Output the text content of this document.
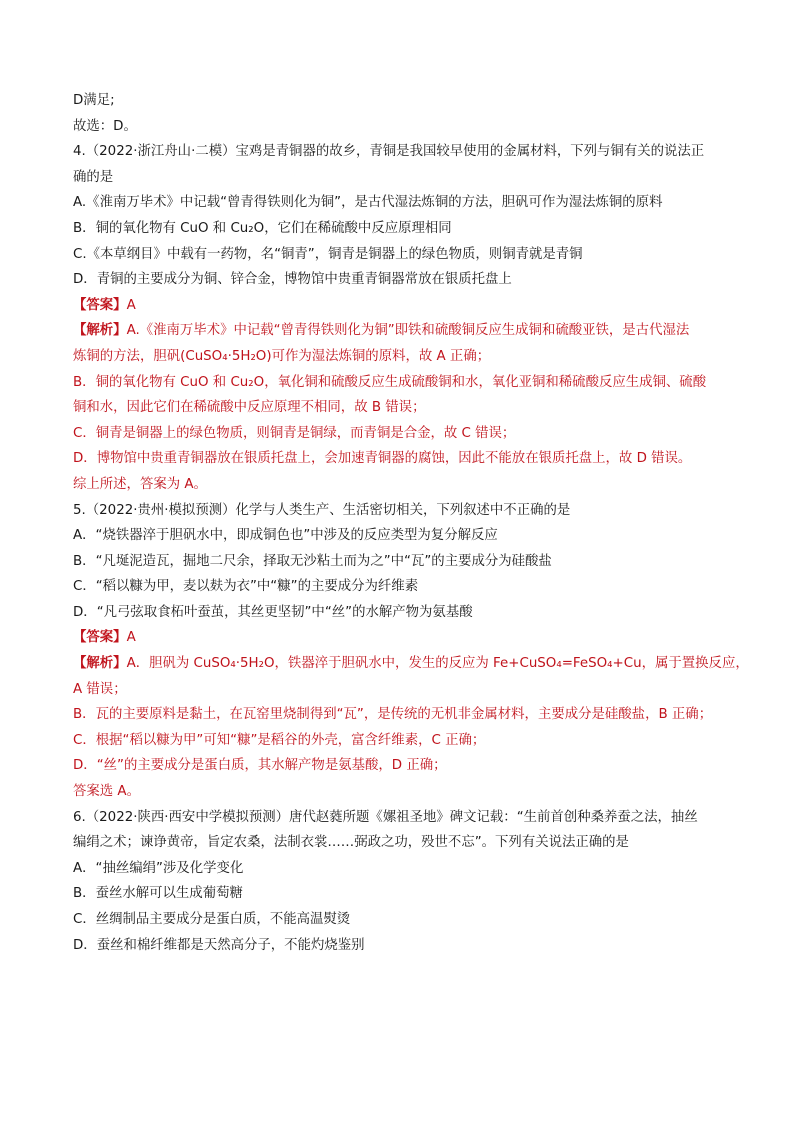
D满足;
故选：D。
4.（2022·浙江舟山·二模）宝鸡是青铜器的故乡，青铜是我国较早使用的金属材料，下列与铜有关的说法正
确的是
A.《淮南万毕术》中记载“曾青得铁则化为铜”，是古代湿法炼铜的方法，胆矾可作为湿法炼铜的原料
B．铜的氧化物有 CuO 和 Cu₂O，它们在稀硫酸中反应原理相同
C.《本草纲目》中载有一药物，名“铜青”，铜青是铜器上的绿色物质，则铜青就是青铜
D．青铜的主要成分为铜、锌合金，博物馆中贵重青铜器常放在银质托盘上
【答案】A
【解析】A.《淮南万毕术》中记载“曾青得铁则化为铜”即铁和硫酸铜反应生成铜和硫酸亚铁，是古代湿法
炼铜的方法，胆矾(CuSO₄·5H₂O)可作为湿法炼铜的原料，故 A 正确；
B．铜的氧化物有 CuO 和 Cu₂O，氧化铜和硫酸反应生成硫酸铜和水，氧化亚铜和稀硫酸反应生成铜、硫酸
铜和水，因此它们在稀硫酸中反应原理不相同，故 B 错误；
C．铜青是铜器上的绿色物质，则铜青是铜绿，而青铜是合金，故 C 错误；
D．博物馆中贵重青铜器放在银质托盘上，会加速青铜器的腐蚀，因此不能放在银质托盘上，故 D 错误。
综上所述，答案为 A。
5.（2022·贵州·模拟预测）化学与人类生产、生活密切相关，下列叙述中不正确的是
A．“烧铁器淬于胆矾水中，即成铜色也”中涉及的反应类型为复分解反应
B．“凡埏泥造瓦，掘地二尺余，择取无沙粘土而为之”中“瓦”的主要成分为硅酸盐
C．“稻以糠为甲，麦以麸为衣”中“糠”的主要成分为纤维素
D．“凡弓弦取食柘叶蚕茧，其丝更坚韧”中“丝”的水解产物为氨基酸
【答案】A
【解析】A．胆矾为 CuSO₄·5H₂O，铁器淬于胆矾水中，发生的反应为 Fe+CuSO₄=FeSO₄+Cu，属于置换反应，
A 错误；
B．瓦的主要原料是黏土，在瓦窑里烧制得到“瓦”，是传统的无机非金属材料，主要成分是硅酸盐，B 正确；
C．根据“稻以糠为甲”可知“糠”是稻谷的外壳，富含纤维素，C 正确；
D．“丝”的主要成分是蛋白质，其水解产物是氨基酸，D 正确；
答案选 A。
6.（2022·陕西·西安中学模拟预测）唐代赵蕤所题《嫘祖圣地》碑文记载：“生前首创种桑养蚕之法，抽丝
编绢之术；谏诤黄帝，旨定农桑，法制衣裳……弼政之功，殁世不忘”。下列有关说法正确的是
A．“抽丝编绢”涉及化学变化
B．蚕丝水解可以生成葡萄糖
C．丝绸制品主要成分是蛋白质，不能高温熨烫
D．蚕丝和棉纤维都是天然高分子，不能灼烧鉴别
